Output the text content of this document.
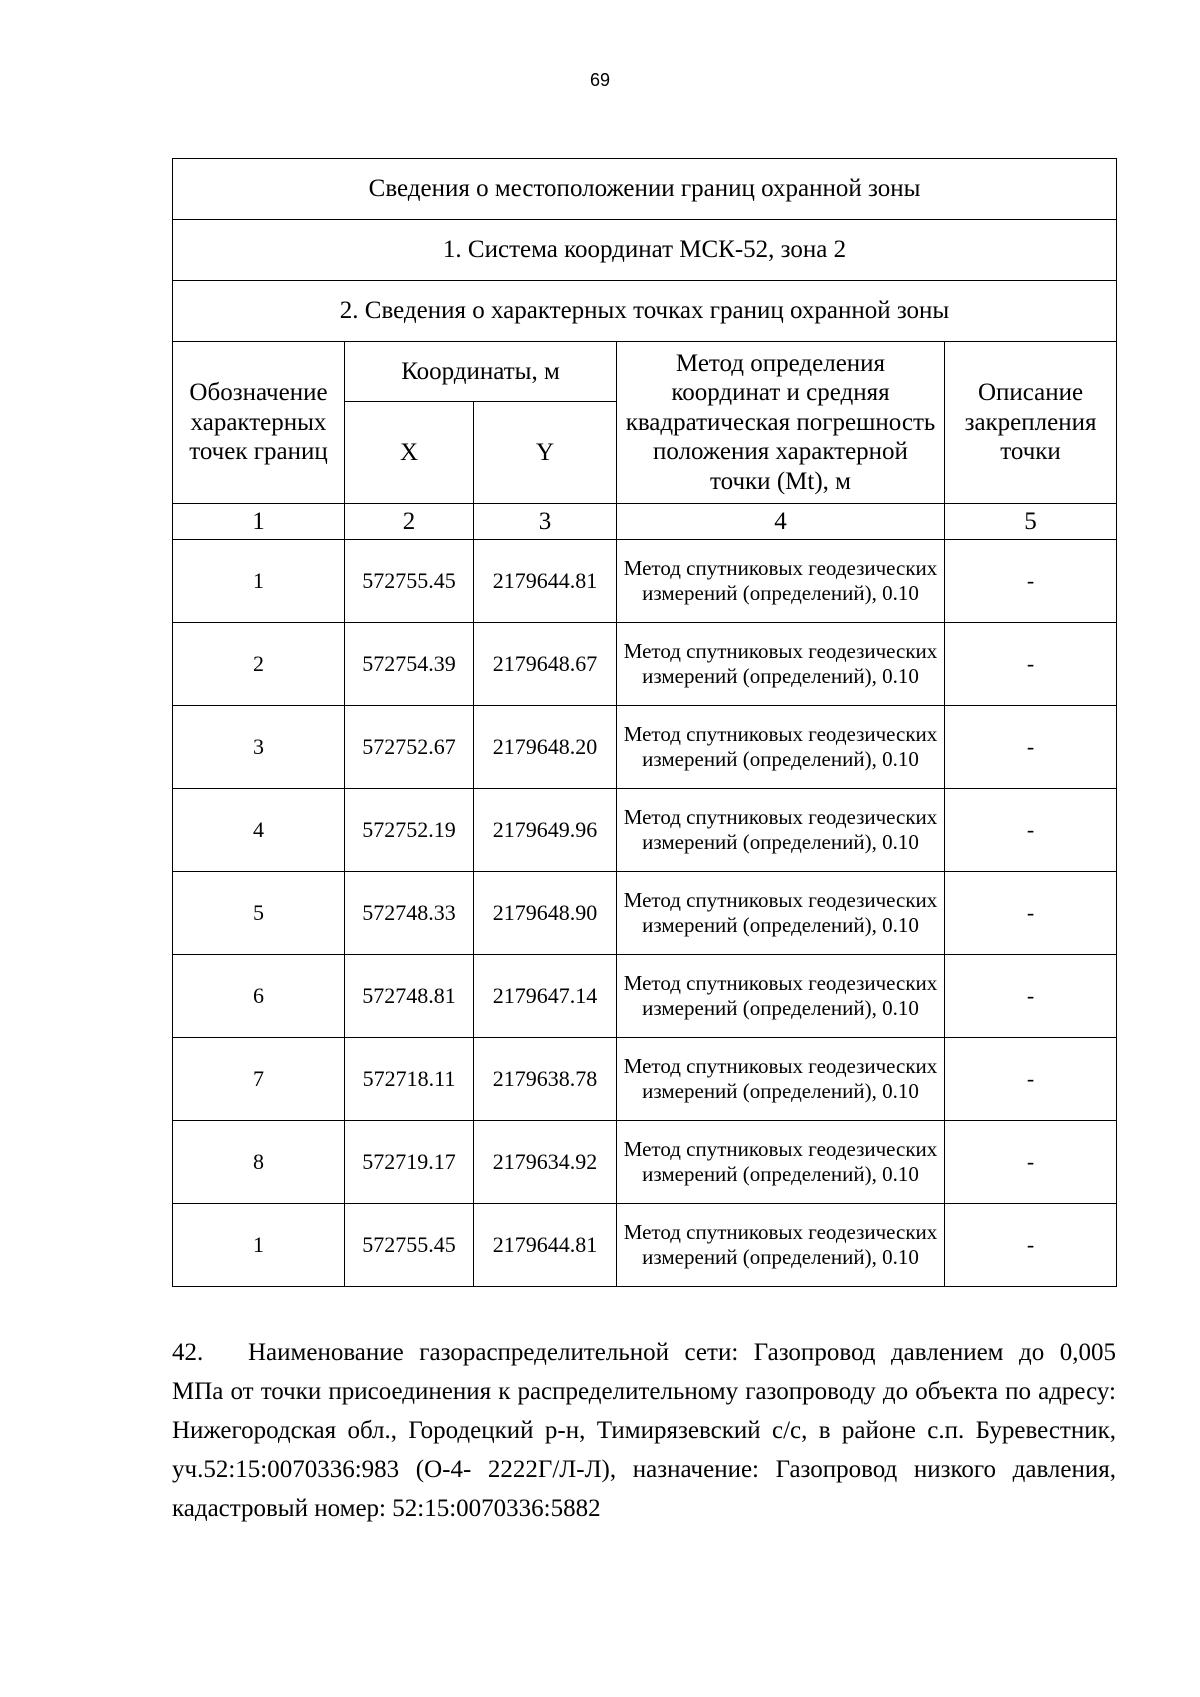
69
Сведения о местоположении границ охранной зоны				
1. Система координат МСК-52, зона 2				
2. Сведения о характерных точках границ охранной зоны				
Обозначение характерных точек границ	Координаты, м		Метод определения координат и средняя квадратическая погрешность положения характерной точки (Mt), м	Описание закрепления точки
	X	Y		
1	2	3	4	5
1	572755.45	2179644.81	Метод спутниковых геодезических измерений (определений), 0.10	-
2	572754.39	2179648.67	Метод спутниковых геодезических измерений (определений), 0.10	-
3	572752.67	2179648.20	Метод спутниковых геодезических измерений (определений), 0.10	-
4	572752.19	2179649.96	Метод спутниковых геодезических измерений (определений), 0.10	-
5	572748.33	2179648.90	Метод спутниковых геодезических измерений (определений), 0.10	-
6	572748.81	2179647.14	Метод спутниковых геодезических измерений (определений), 0.10	-
7	572718.11	2179638.78	Метод спутниковых геодезических измерений (определений), 0.10	-
8	572719.17	2179634.92	Метод спутниковых геодезических измерений (определений), 0.10	-
1	572755.45	2179644.81	Метод спутниковых геодезических измерений (определений), 0.10	-

42. Наименование газораспределительной сети: Газопровод давлением до 0,005 МПа от точки присоединения к распределительному газопроводу до объекта по адресу: Нижегородская обл., Городецкий р-н, Тимирязевский с/с, в районе с.п. Буревестник, уч.52:15:0070336:983 (О-4- 2222Г/Л-Л), назначение: Газопровод низкого давления, кадастровый номер: 52:15:0070336:5882
